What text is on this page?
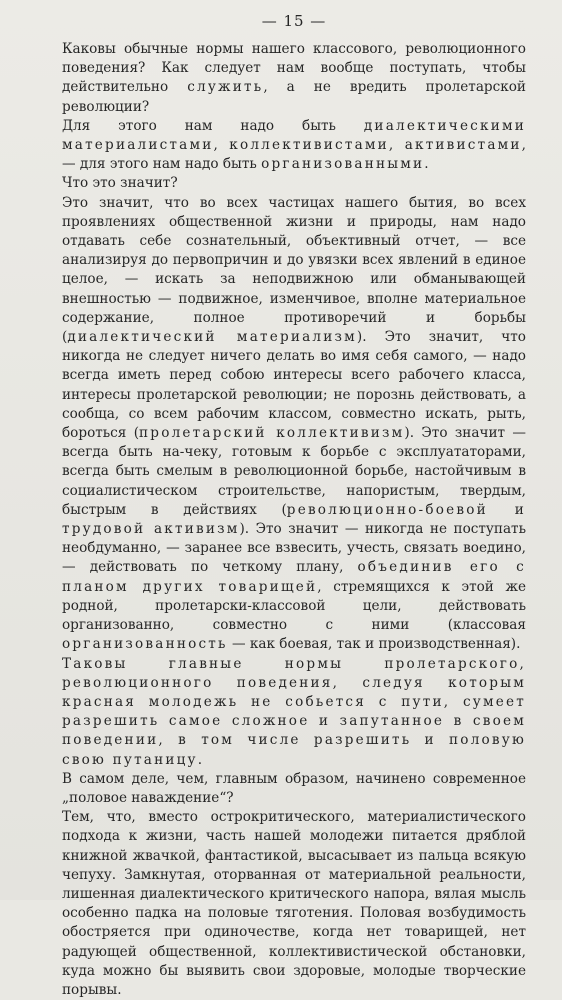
— 15 —

Каковы обычные нормы нашего классового, революционного поведения? Как следует нам вообще поступать, чтобы действительно служить, а не вредить пролетарской революции?

Для этого нам надо быть диалектическими материалистами, коллективистами, активистами, — для этого нам надо быть организованными.

Что это значит?

Это значит, что во всех частицах нашего бытия, во всех проявлениях общественной жизни и природы, нам надо отдавать себе сознательный, объективный отчет, — все анализируя до первопричин и до увязки всех явлений в единое целое, — искать за неподвижною или обманывающей внешностью — подвижное, изменчивое, вполне материальное содержание, полное противоречий и борьбы (диалектический материализм). Это значит, что никогда не следует ничего делать во имя себя самого, — надо всегда иметь перед собою интересы всего рабочего класса, интересы пролетарской революции; не порознь действовать, а сообща, со всем рабочим классом, совместно искать, рыть, бороться (пролетарский коллективизм). Это значит — всегда быть на-чеку, готовым к борьбе с эксплуататорами, всегда быть смелым в революционной борьбе, настойчивым в социалистическом строительстве, напористым, твердым, быстрым в действиях (революционно-боевой и трудовой активизм). Это значит — никогда не поступать необдуманно, — заранее все взвесить, учесть, связать воедино, — действовать по четкому плану, объединив его с планом других товарищей, стремящихся к этой же родной, пролетарски-классовой цели, действовать организованно, совместно с ними (классовая организованность — как боевая, так и производственная).

Таковы главные нормы пролетарского, революционного поведения, следуя которым красная молодежь не собьется с пути, сумеет разрешить самое сложное и запутанное в своем поведении, в том числе разрешить и половую свою путаницу.

В самом деле, чем, главным образом, начинено современное „половое наваждение“?

Тем, что, вместо острокритического, материалистического подхода к жизни, часть нашей молодежи питается дряблой книжной жвачкой, фантастикой, высасывает из пальца всякую чепуху. Замкнутая, оторванная от материальной реальности, лишенная диалектического критического напора, вялая мысль особенно падка на половые тяготения. Половая возбудимость обостряется при одиночестве, когда нет товарищей, нет радующей общественной, коллективистической обстановки, куда можно бы выявить свои здоровые, молодые творческие порывы.
